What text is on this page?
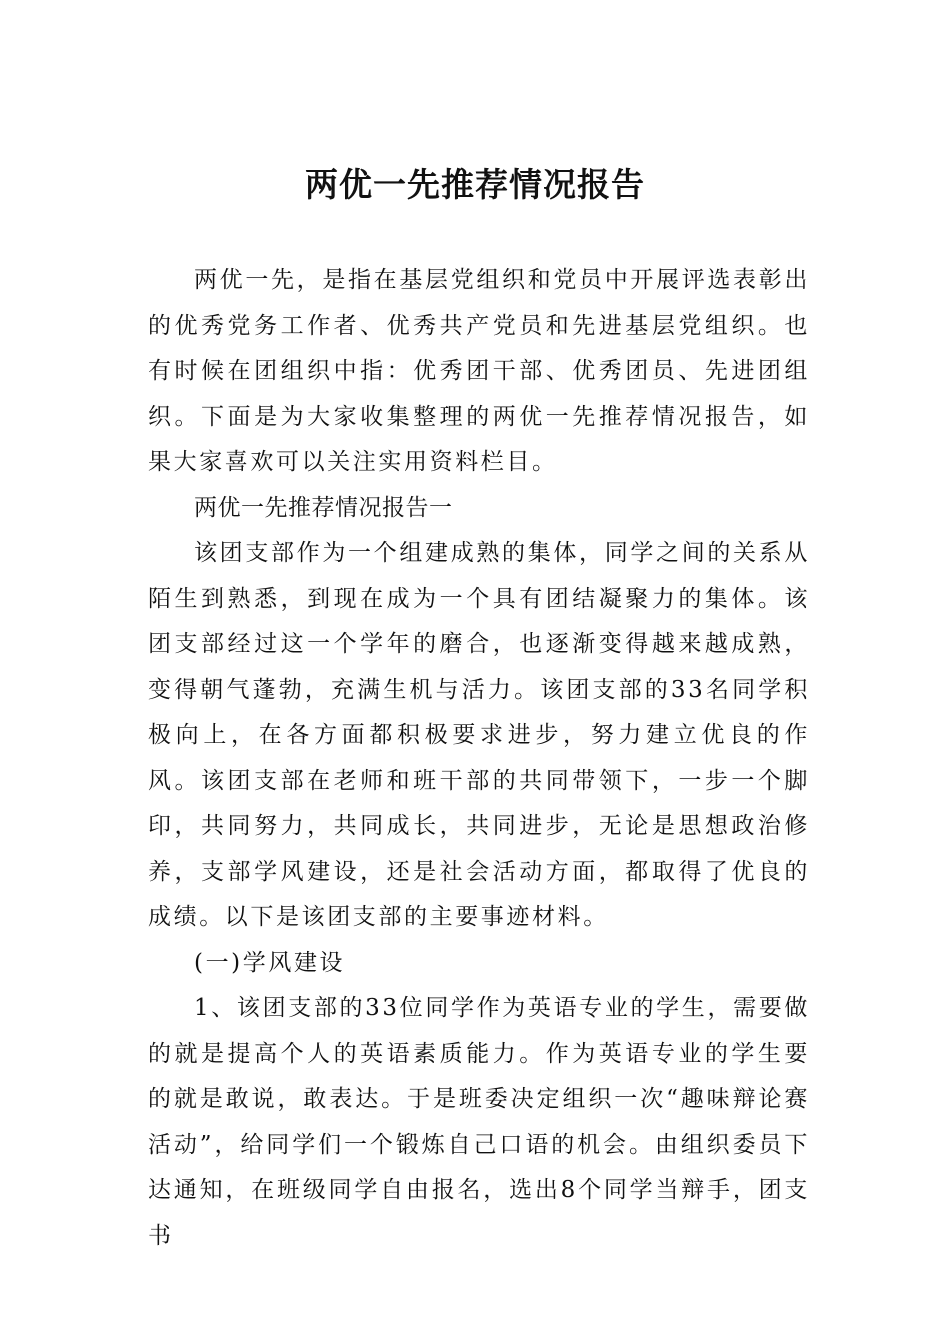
两优一先推荐情况报告

两优一先，是指在基层党组织和党员中开展评选表彰出的优秀党务工作者、优秀共产党员和先进基层党组织。也有时候在团组织中指：优秀团干部、优秀团员、先进团组织。下面是为大家收集整理的两优一先推荐情况报告，如果大家喜欢可以关注实用资料栏目。

两优一先推荐情况报告一

该团支部作为一个组建成熟的集体，同学之间的关系从陌生到熟悉，到现在成为一个具有团结凝聚力的集体。该团支部经过这一个学年的磨合，也逐渐变得越来越成熟，变得朝气蓬勃，充满生机与活力。该团支部的33名同学积极向上，在各方面都积极要求进步，努力建立优良的作风。该团支部在老师和班干部的共同带领下，一步一个脚印，共同努力，共同成长，共同进步，无论是思想政治修养，支部学风建设，还是社会活动方面，都取得了优良的成绩。以下是该团支部的主要事迹材料。

(一)学风建设

1、该团支部的33位同学作为英语专业的学生，需要做的就是提高个人的英语素质能力。作为英语专业的学生要的就是敢说，敢表达。于是班委决定组织一次“趣味辩论赛活动”，给同学们一个锻炼自己口语的机会。由组织委员下达通知，在班级同学自由报名，选出8个同学当辩手，团支书
